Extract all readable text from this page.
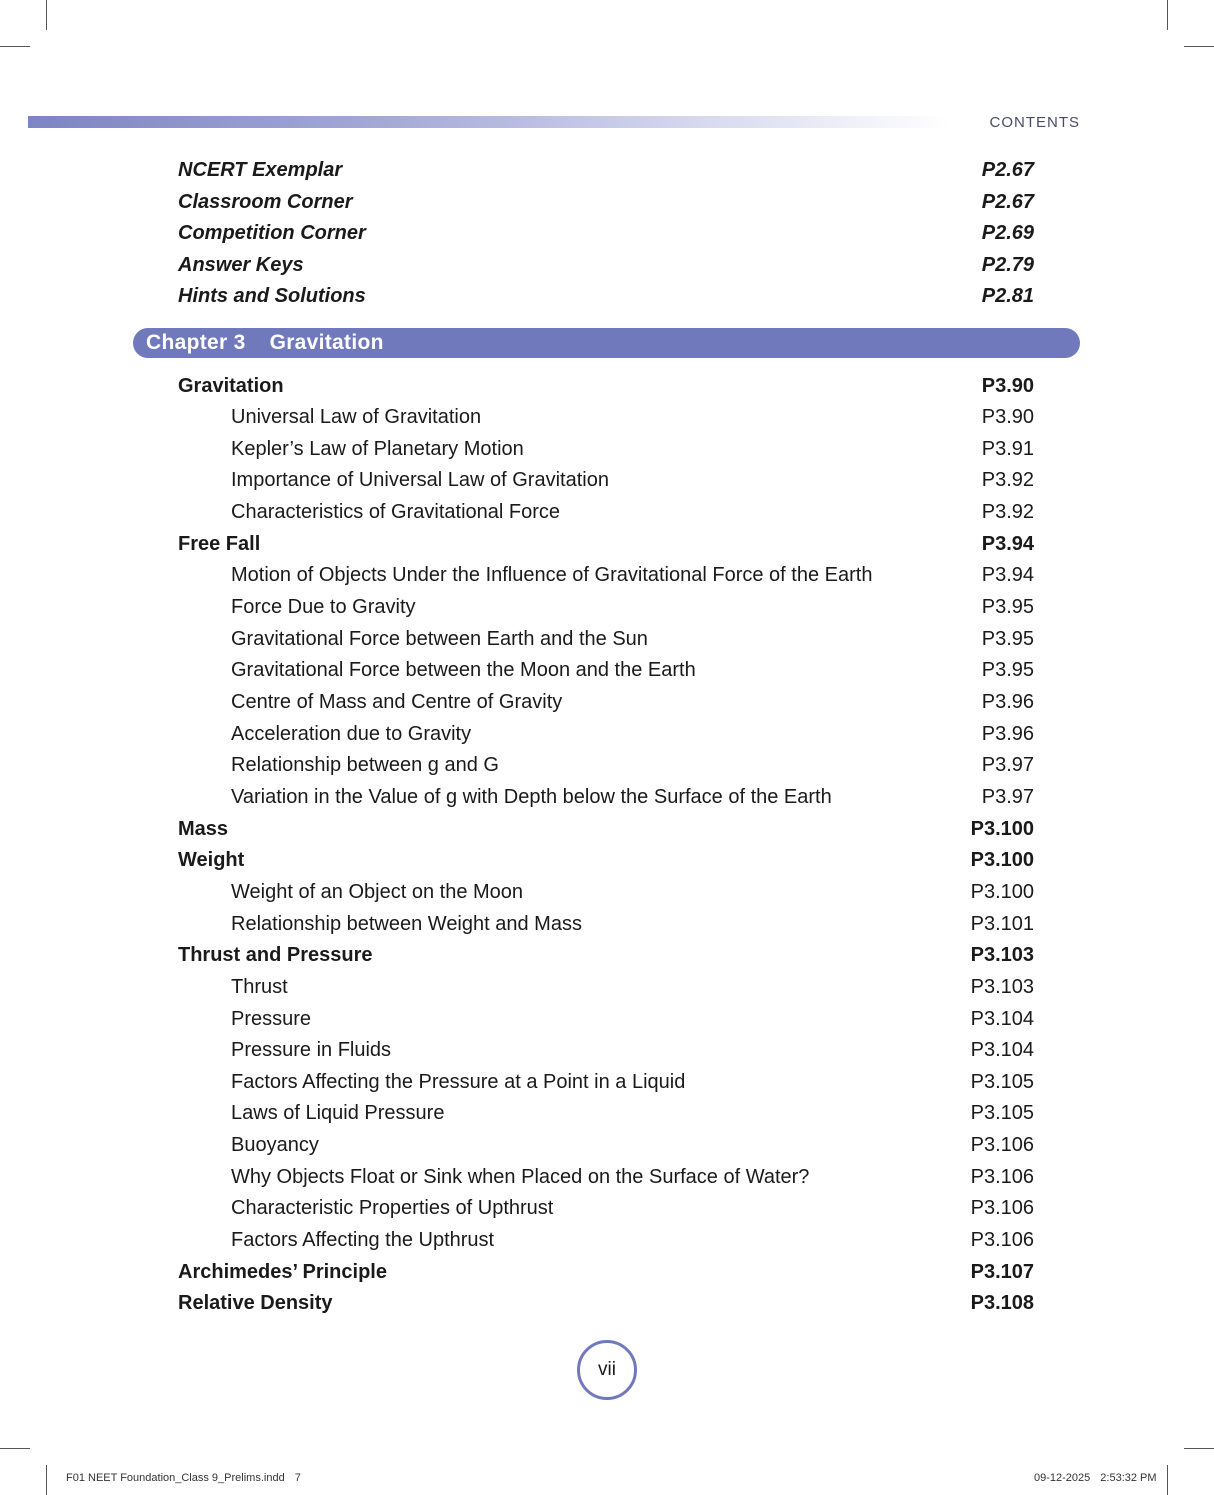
CONTENTS
NCERT Exemplar	P2.67
Classroom Corner	P2.67
Competition Corner	P2.69
Answer Keys	P2.79
Hints and Solutions	P2.81
Chapter 3 Gravitation
Gravitation	P3.90
Universal Law of Gravitation	P3.90
Kepler’s Law of Planetary Motion	P3.91
Importance of Universal Law of Gravitation	P3.92
Characteristics of Gravitational Force	P3.92
Free Fall	P3.94
Motion of Objects Under the Influence of Gravitational Force of the Earth	P3.94
Force Due to Gravity	P3.95
Gravitational Force between Earth and the Sun	P3.95
Gravitational Force between the Moon and the Earth	P3.95
Centre of Mass and Centre of Gravity	P3.96
Acceleration due to Gravity	P3.96
Relationship between g and G	P3.97
Variation in the Value of g with Depth below the Surface of the Earth	P3.97
Mass	P3.100
Weight	P3.100
Weight of an Object on the Moon	P3.100
Relationship between Weight and Mass	P3.101
Thrust and Pressure	P3.103
Thrust	P3.103
Pressure	P3.104
Pressure in Fluids	P3.104
Factors Affecting the Pressure at a Point in a Liquid	P3.105
Laws of Liquid Pressure	P3.105
Buoyancy	P3.106
Why Objects Float or Sink when Placed on the Surface of Water?	P3.106
Characteristic Properties of Upthrust	P3.106
Factors Affecting the Upthrust	P3.106
Archimedes’ Principle	P3.107
Relative Density	P3.108
vii
F01 NEET Foundation_Class 9_Prelims.indd 7	09-12-2025 2:53:32 PM
